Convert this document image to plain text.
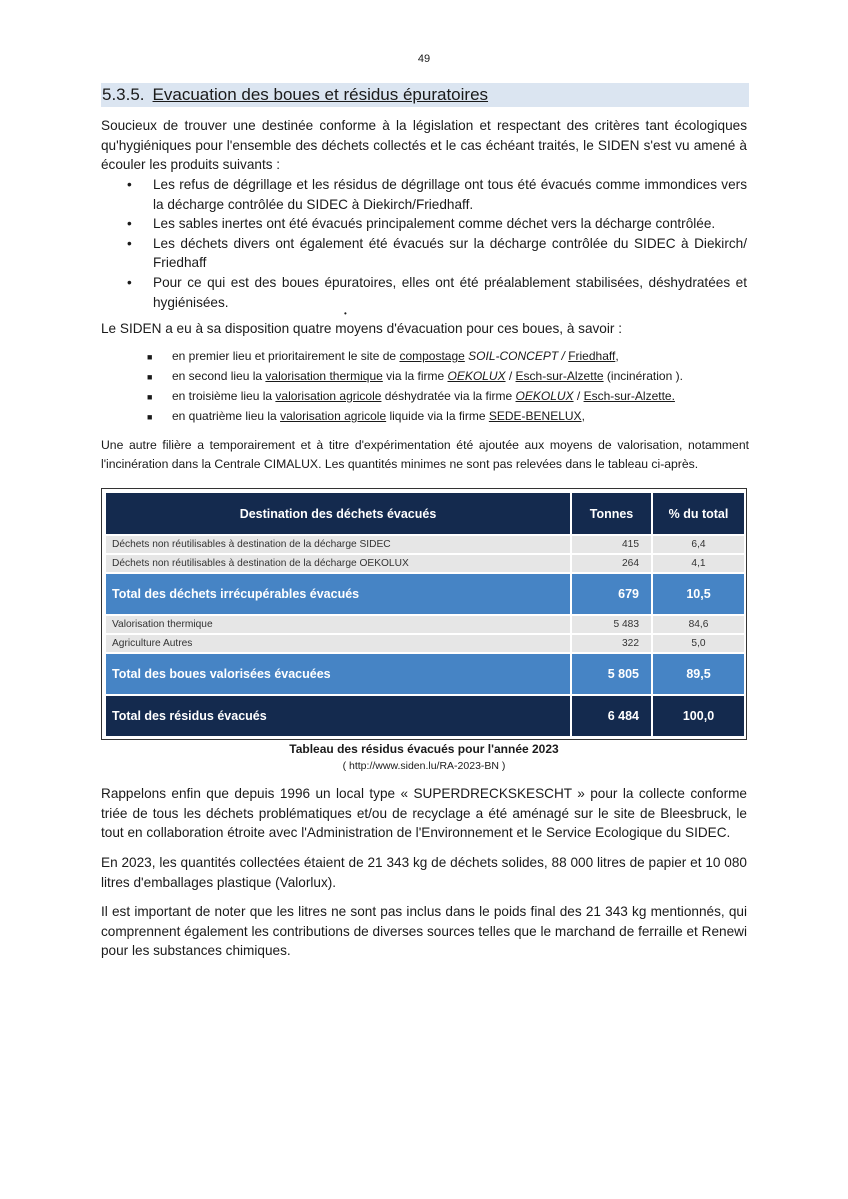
49
5.3.5. Evacuation des boues et résidus épuratoires
Soucieux de trouver une destinée conforme à la législation et respectant des critères tant écologiques qu'hygiéniques pour l'ensemble des déchets collectés et le cas échéant traités, le SIDEN s'est vu amené à écouler les produits suivants :
• Les refus de dégrillage et les résidus de dégrillage ont tous été évacués comme immondices vers la décharge contrôlée du SIDEC à Diekirch/Friedhaff.
• Les sables inertes ont été évacués principalement comme déchet vers la décharge contrôlée.
• Les déchets divers ont également été évacués sur la décharge contrôlée du SIDEC à Diekirch/ Friedhaff
• Pour ce qui est des boues épuratoires, elles ont été préalablement stabilisées, déshydratées et hygiénisées.
•
Le SIDEN a eu à sa disposition quatre moyens d'évacuation pour ces boues, à savoir :
■ en premier lieu et prioritairement le site de compostage SOIL-CONCEPT / Friedhaff,
■ en second lieu la valorisation thermique via la firme OEKOLUX / Esch-sur-Alzette (incinération ).
■ en troisième lieu la valorisation agricole déshydratée via la firme OEKOLUX / Esch-sur-Alzette.
■ en quatrième lieu la valorisation agricole liquide via la firme SEDE-BENELUX,
Une autre filière a temporairement et à titre d'expérimentation été ajoutée aux moyens de valorisation, notamment l'incinération dans la Centrale CIMALUX. Les quantités minimes ne sont pas relevées dans le tableau ci-après.
Destination des déchets évacués	Tonnes	% du total
Déchets non réutilisables à destination de la décharge SIDEC	415	6,4
Déchets non réutilisables à destination de la décharge OEKOLUX	264	4,1
Total des déchets irrécupérables évacués	679	10,5
Valorisation thermique	5 483	84,6
Agriculture Autres	322	5,0
Total des boues valorisées évacuées	5 805	89,5
Total des résidus évacués	6 484	100,0
Tableau des résidus évacués pour l'année 2023
( http://www.siden.lu/RA-2023-BN )
Rappelons enfin que depuis 1996 un local type « SUPERDRECKSKESCHT » pour la collecte conforme triée de tous les déchets problématiques et/ou de recyclage a été aménagé sur le site de Bleesbruck, le tout en collaboration étroite avec l'Administration de l'Environnement et le Service Ecologique du SIDEC.
En 2023, les quantités collectées étaient de 21 343 kg de déchets solides, 88 000 litres de papier et 10 080 litres d'emballages plastique (Valorlux).
Il est important de noter que les litres ne sont pas inclus dans le poids final des 21 343 kg mentionnés, qui comprennent également les contributions de diverses sources telles que le marchand de ferraille et Renewi pour les substances chimiques.
